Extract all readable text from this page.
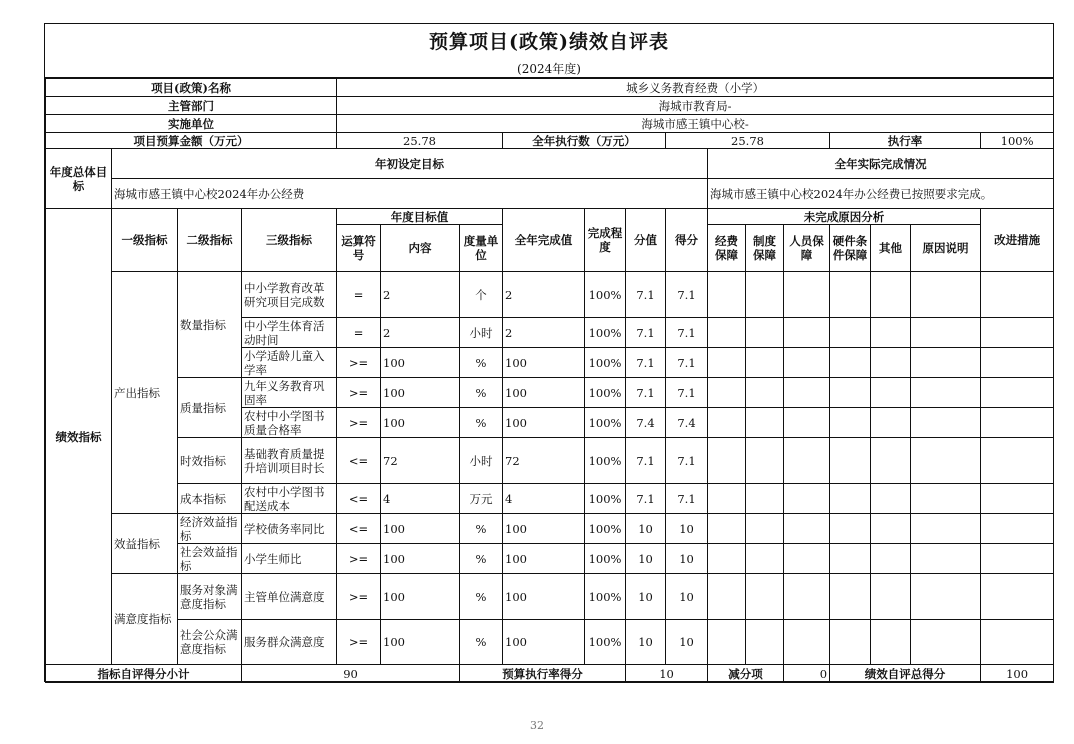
预算项目(政策)绩效自评表
(2024年度)
项目(政策)名称				城乡义务教育经费（小学）													
主管部门				海城市教育局-													
实施单位				海城市感王镇中心校-													
项目预算金额（万元）				25.78			全年执行数（万元）			25.78				执行率			100%
年度总体目标	年初设定目标										全年实际完成情况						
	海城市感王镇中心校2024年办公经费										海城市感王镇中心校2024年办公经费已按照要求完成。						
绩效指标	一级指标	二级指标	三级指标	年度目标值			全年完成值	完成程度	分值	得分	未完成原因分析						改进措施
				运算符号	内容	度量单位					经费保障	制度保障	人员保障	硬件条件保障	其他	原因说明	

	产出指标	数量指标	中小学教育改革研究项目完成数	=	2	个	2	100%	7.1	7.1							
			中小学生体育活动时间	=	2	小时	2	100%	7.1	7.1							
			小学适龄儿童入学率	>=	100	%	100	100%	7.1	7.1							
		质量指标	九年义务教育巩固率	>=	100	%	100	100%	7.1	7.1							
			农村中小学图书质量合格率	>=	100	%	100	100%	7.4	7.4							
		时效指标	基础教育质量提升培训项目时长	<=	72	小时	72	100%	7.1	7.1							
		成本指标	农村中小学图书配送成本	<=	4	万元	4	100%	7.1	7.1							
	效益指标	经济效益指标	学校债务率同比	<=	100	%	100	100%	10	10							
		社会效益指标	小学生师比	>=	100	%	100	100%	10	10							
	满意度指标	服务对象满意度指标	主管单位满意度	>=	100	%	100	100%	10	10							
		社会公众满意度指标	服务群众满意度	>=	100	%	100	100%	10	10							
指标自评得分小计			90			预算执行率得分			10		减分项		0	绩效自评总得分			100
32
